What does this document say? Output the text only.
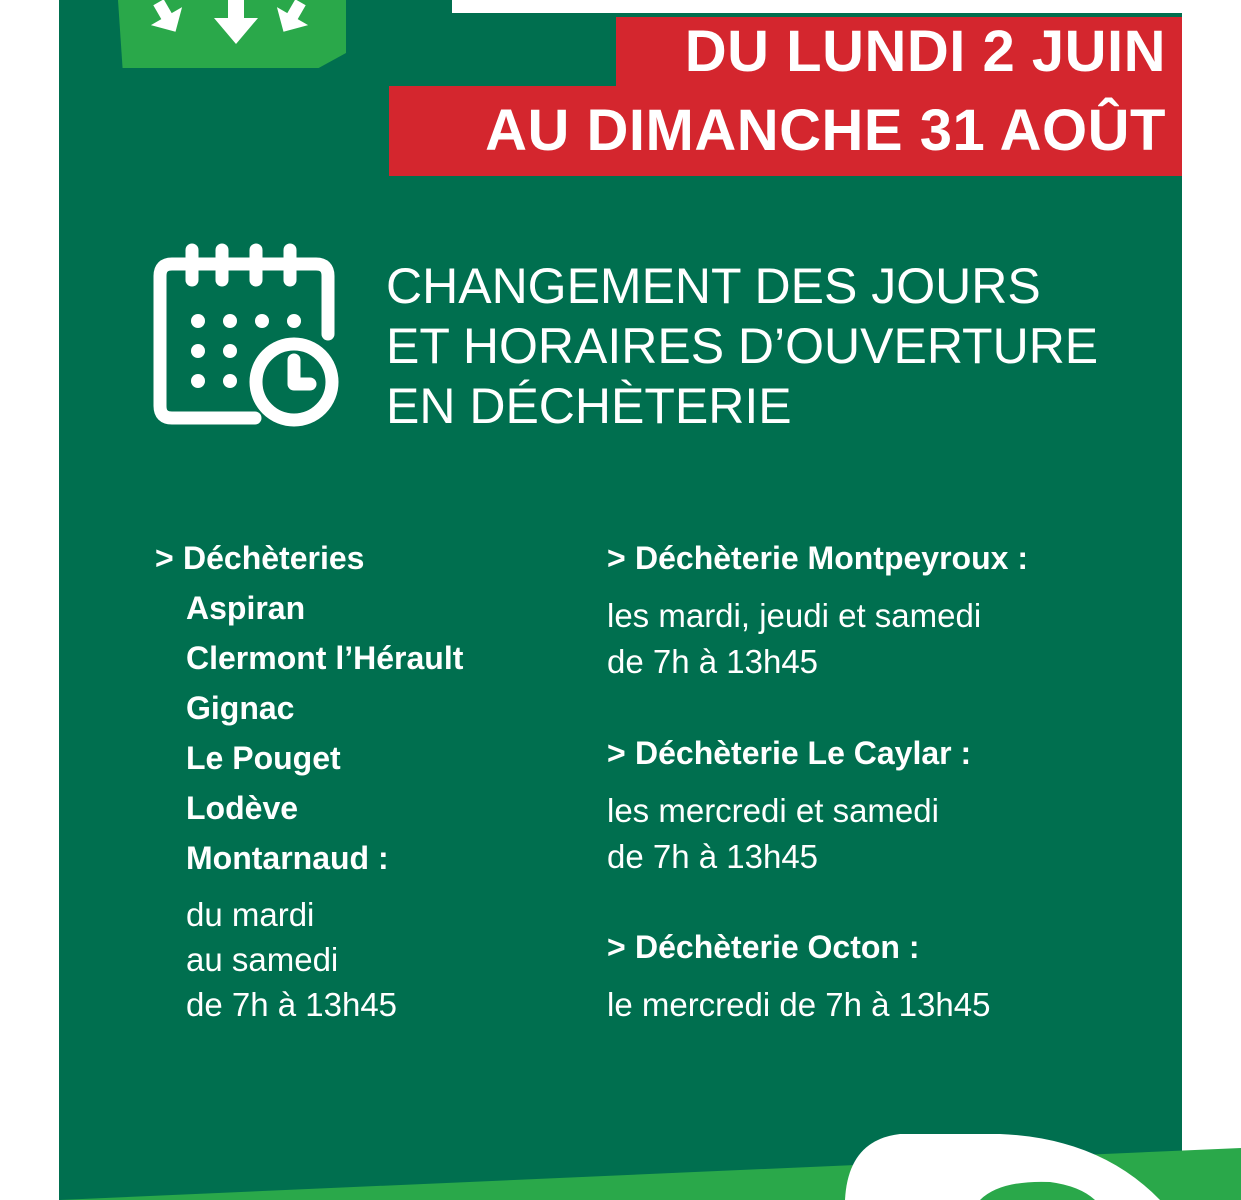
DU LUNDI 2 JUIN
AU DIMANCHE 31 AOÛT
CHANGEMENT DES JOURS
ET HORAIRES D’OUVERTURE
EN DÉCHÈTERIE
> Déchèteries
Aspiran
Clermont l’Hérault
Gignac
Le Pouget
Lodève
Montarnaud :
du mardi
au samedi
de 7h à 13h45
> Déchèterie Montpeyroux :
les mardi, jeudi et samedi
de 7h à 13h45
> Déchèterie Le Caylar :
les mercredi et samedi
de 7h à 13h45
> Déchèterie Octon :
le mercredi de 7h à 13h45
